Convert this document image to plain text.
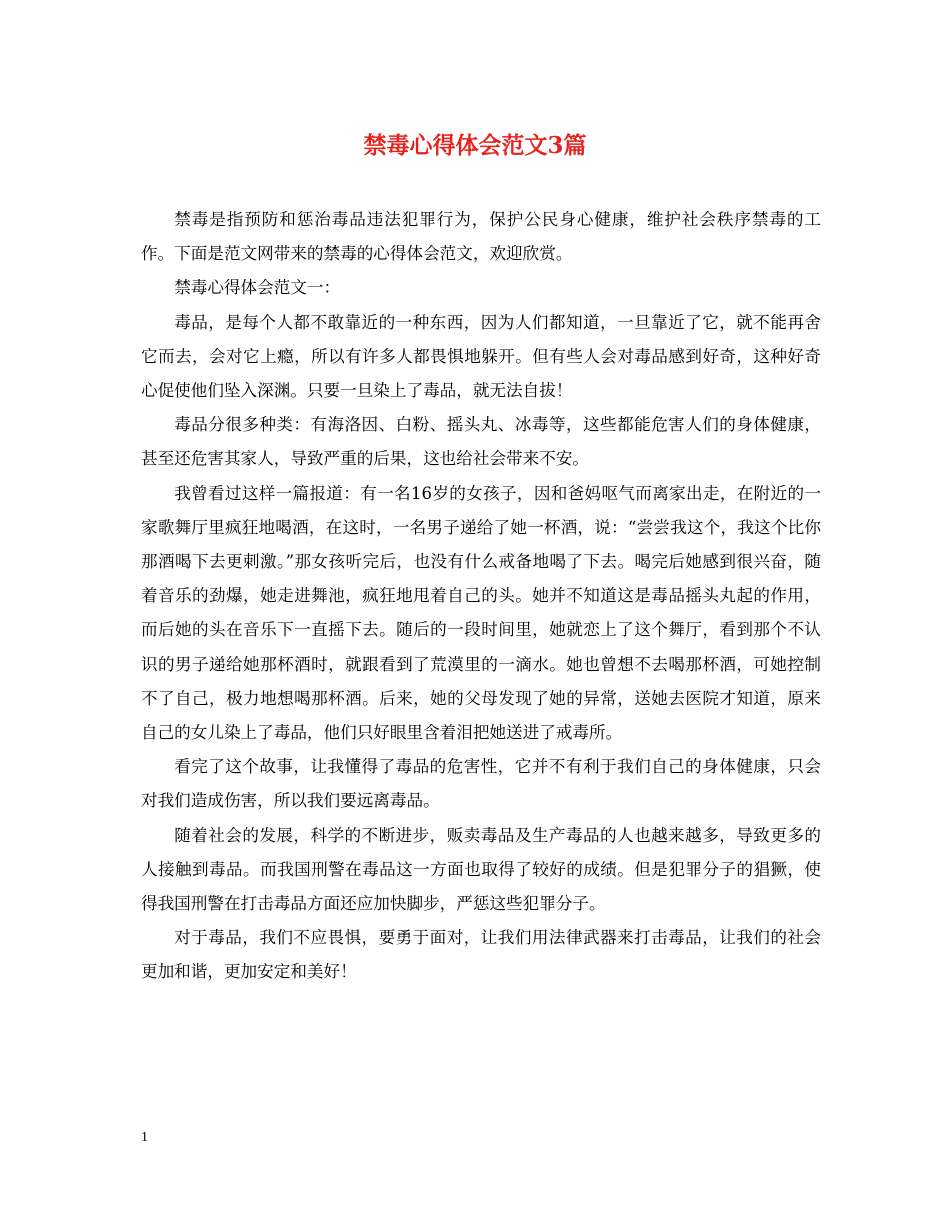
禁毒心得体会范文3篇

禁毒是指预防和惩治毒品违法犯罪行为，保护公民身心健康，维护社会秩序禁毒的工作。下面是范文网带来的禁毒的心得体会范文，欢迎欣赏。

禁毒心得体会范文一：

毒品，是每个人都不敢靠近的一种东西，因为人们都知道，一旦靠近了它，就不能再舍它而去，会对它上瘾，所以有许多人都畏惧地躲开。但有些人会对毒品感到好奇，这种好奇心促使他们坠入深渊。只要一旦染上了毒品，就无法自拔！

毒品分很多种类：有海洛因、白粉、摇头丸、冰毒等，这些都能危害人们的身体健康，甚至还危害其家人，导致严重的后果，这也给社会带来不安。

我曾看过这样一篇报道：有一名16岁的女孩子，因和爸妈呕气而离家出走，在附近的一家歌舞厅里疯狂地喝酒，在这时，一名男子递给了她一杯酒，说：“尝尝我这个，我这个比你那酒喝下去更刺激。”那女孩听完后，也没有什么戒备地喝了下去。喝完后她感到很兴奋，随着音乐的劲爆，她走进舞池，疯狂地甩着自己的头。她并不知道这是毒品摇头丸起的作用，而后她的头在音乐下一直摇下去。随后的一段时间里，她就恋上了这个舞厅，看到那个不认识的男子递给她那杯酒时，就跟看到了荒漠里的一滴水。她也曾想不去喝那杯酒，可她控制不了自己，极力地想喝那杯酒。后来，她的父母发现了她的异常，送她去医院才知道，原来自己的女儿染上了毒品，他们只好眼里含着泪把她送进了戒毒所。

看完了这个故事，让我懂得了毒品的危害性，它并不有利于我们自己的身体健康，只会对我们造成伤害，所以我们要远离毒品。

随着社会的发展，科学的不断进步，贩卖毒品及生产毒品的人也越来越多，导致更多的人接触到毒品。而我国刑警在毒品这一方面也取得了较好的成绩。但是犯罪分子的猖獗，使得我国刑警在打击毒品方面还应加快脚步，严惩这些犯罪分子。

对于毒品，我们不应畏惧，要勇于面对，让我们用法律武器来打击毒品，让我们的社会更加和谐，更加安定和美好！

1
